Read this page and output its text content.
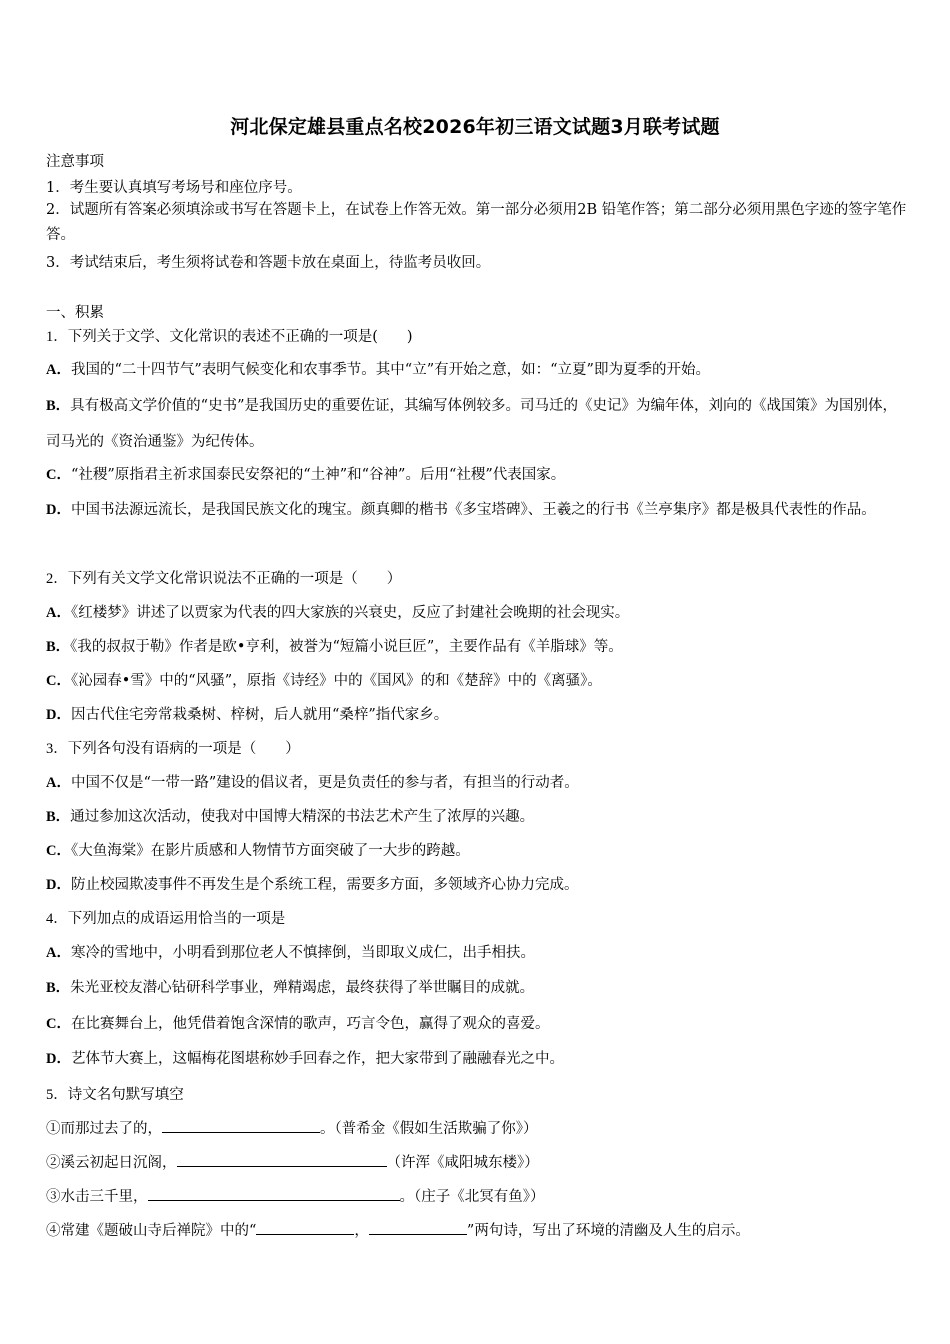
河北保定雄县重点名校2026年初三语文试题3月联考试题
注意事项
1．考生要认真填写考场号和座位序号。
2．试题所有答案必须填涂或书写在答题卡上，在试卷上作答无效。第一部分必须用2B 铅笔作答；第二部分必须用黑色字迹的签字笔作答。
3．考试结束后，考生须将试卷和答题卡放在桌面上，待监考员收回。
一、积累
1．下列关于文学、文化常识的表述不正确的一项是(　　)
A．我国的“二十四节气”表明气候变化和农事季节。其中“立”有开始之意，如：“立夏”即为夏季的开始。
B．具有极高文学价值的“史书”是我国历史的重要佐证，其编写体例较多。司马迁的《史记》为编年体，刘向的《战国策》为国别体，司马光的《资治通鉴》为纪传体。
C．“社稷”原指君主祈求国泰民安祭祀的“土神”和“谷神”。后用“社稷”代表国家。
D．中国书法源远流长，是我国民族文化的瑰宝。颜真卿的楷书《多宝塔碑》、王羲之的行书《兰亭集序》都是极具代表性的作品。
2．下列有关文学文化常识说法不正确的一项是（　　）
A．《红楼梦》讲述了以贾家为代表的四大家族的兴衰史，反应了封建社会晚期的社会现实。
B．《我的叔叔于勒》作者是欧•亨利，被誉为“短篇小说巨匠”，主要作品有《羊脂球》等。
C．《沁园春•雪》中的“风骚”，原指《诗经》中的《国风》的和《楚辞》中的《离骚》。
D．因古代住宅旁常栽桑树、梓树，后人就用“桑梓”指代家乡。
3．下列各句没有语病的一项是（　　）
A．中国不仅是“一带一路”建设的倡议者，更是负责任的参与者，有担当的行动者。
B．通过参加这次活动，使我对中国博大精深的书法艺术产生了浓厚的兴趣。
C．《大鱼海棠》在影片质感和人物情节方面突破了一大步的跨越。
D．防止校园欺凌事件不再发生是个系统工程，需要多方面，多领域齐心协力完成。
4．下列加点的成语运用恰当的一项是
A．寒冷的雪地中，小明看到那位老人不慎摔倒，当即取义成仁，出手相扶。
B．朱光亚校友潜心钻研科学事业，殚精竭虑，最终获得了举世瞩目的成就。
C．在比赛舞台上，他凭借着饱含深情的歌声，巧言令色，赢得了观众的喜爱。
D．艺体节大赛上，这幅梅花图堪称妙手回春之作，把大家带到了融融春光之中。
5．诗文名句默写填空
①而那过去了的，	。（普希金《假如生活欺骗了你》）
②溪云初起日沉阁，	（许浑《咸阳城东楼》）
③水击三千里，	。（庄子《北冥有鱼》）
④常建《题破山寺后禅院》中的“	，	”两句诗，写出了环境的清幽及人生的启示。
